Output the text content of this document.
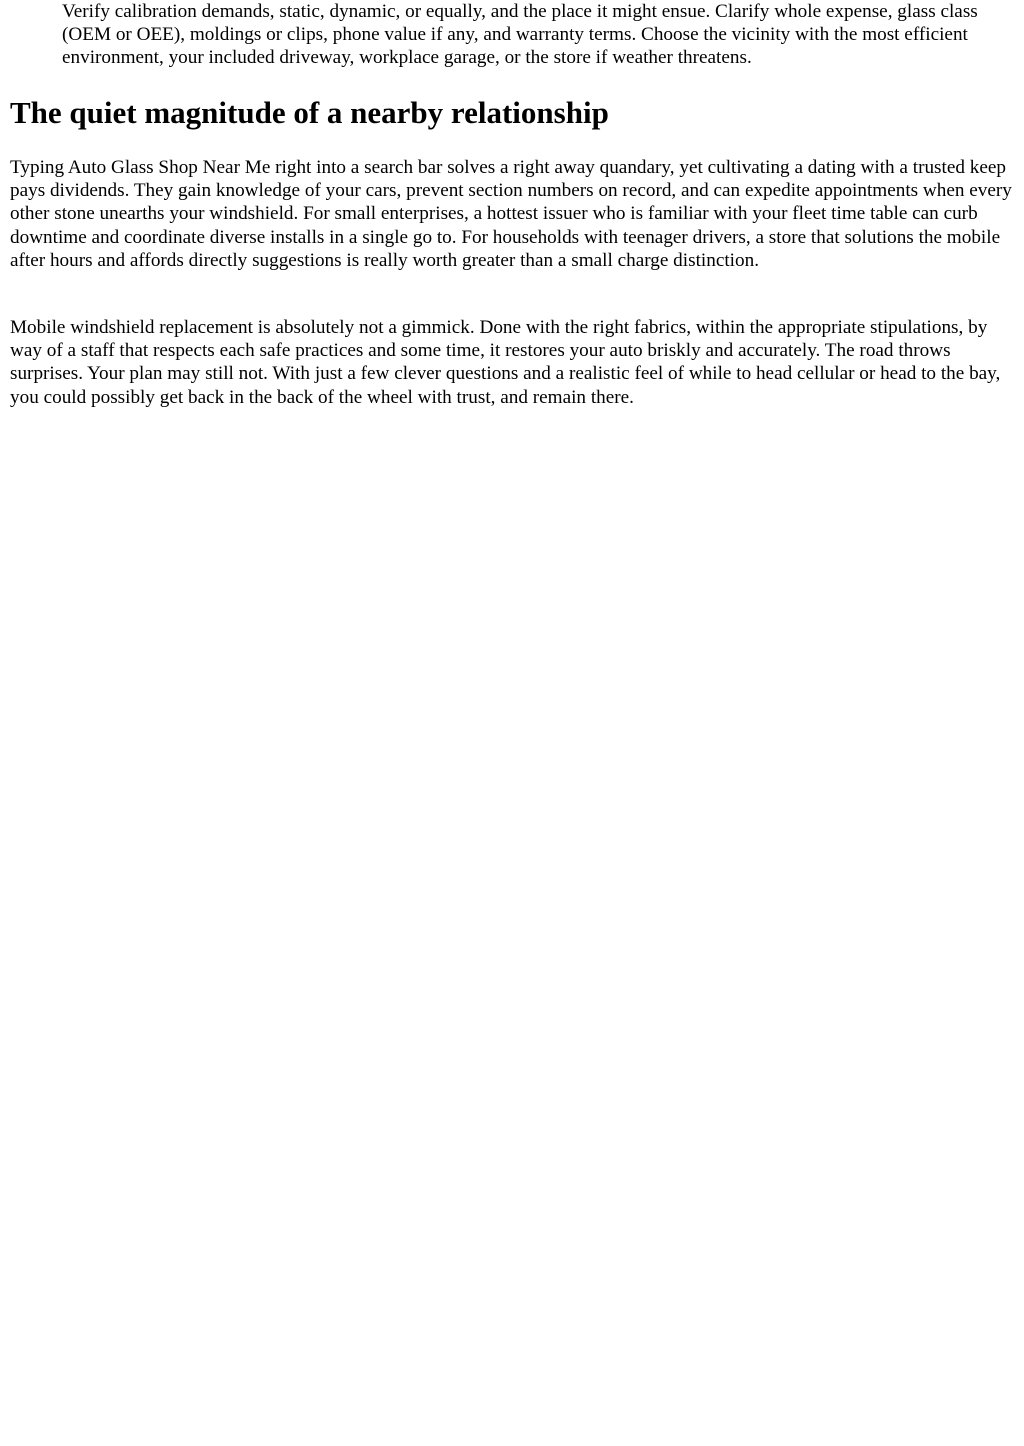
Verify calibration demands, static, dynamic, or equally, and the place it might ensue. Clarify whole expense, glass class (OEM or OEE), moldings or clips, phone value if any, and warranty terms. Choose the vicinity with the most efficient environment, your included driveway, workplace garage, or the store if weather threatens.

The quiet magnitude of a nearby relationship

Typing Auto Glass Shop Near Me right into a search bar solves a right away quandary, yet cultivating a dating with a trusted keep pays dividends. They gain knowledge of your cars, prevent section numbers on record, and can expedite appointments when every other stone unearths your windshield. For small enterprises, a hottest issuer who is familiar with your fleet time table can curb downtime and coordinate diverse installs in a single go to. For households with teenager drivers, a store that solutions the mobile after hours and affords directly suggestions is really worth greater than a small charge distinction.

Mobile windshield replacement is absolutely not a gimmick. Done with the right fabrics, within the appropriate stipulations, by way of a staff that respects each safe practices and some time, it restores your auto briskly and accurately. The road throws surprises. Your plan may still not. With just a few clever questions and a realistic feel of while to head cellular or head to the bay, you could possibly get back in the back of the wheel with trust, and remain there.
